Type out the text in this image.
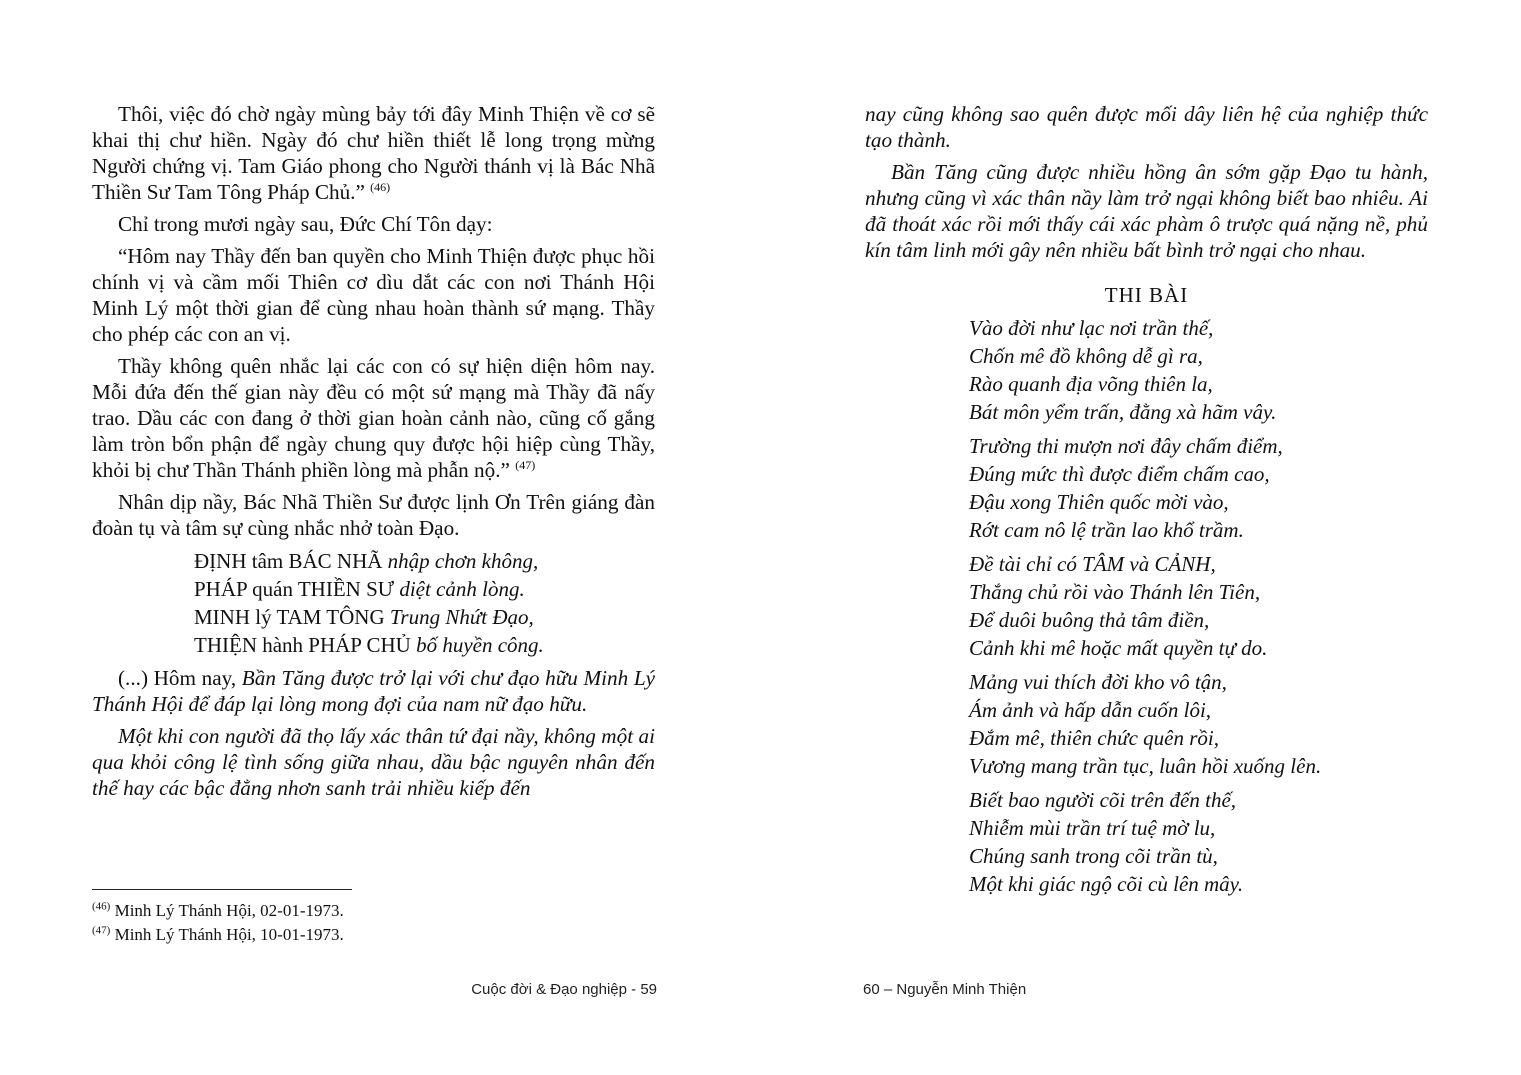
Thôi, việc đó chờ ngày mùng bảy tới đây Minh Thiện về cơ sẽ khai thị chư hiền. Ngày đó chư hiền thiết lễ long trọng mừng Người chứng vị. Tam Giáo phong cho Người thánh vị là Bác Nhã Thiền Sư Tam Tông Pháp Chủ.” $^{(46)}$

Chỉ trong mươi ngày sau, Đức Chí Tôn dạy:

“Hôm nay Thầy đến ban quyền cho Minh Thiện được phục hồi chính vị và cầm mối Thiên cơ dìu dắt các con nơi Thánh Hội Minh Lý một thời gian để cùng nhau hoàn thành sứ mạng. Thầy cho phép các con an vị.

Thầy không quên nhắc lại các con có sự hiện diện hôm nay. Mỗi đứa đến thế gian này đều có một sứ mạng mà Thầy đã nấy trao. Dầu các con đang ở thời gian hoàn cảnh nào, cũng cố gắng làm tròn bổn phận để ngày chung quy được hội hiệp cùng Thầy, khỏi bị chư Thần Thánh phiền lòng mà phẫn nộ.” $^{(47)}$

Nhân dịp nầy, Bác Nhã Thiền Sư được lịnh Ơn Trên giáng đàn đoàn tụ và tâm sự cùng nhắc nhở toàn Đạo.

ĐỊNH tâm BÁC NHÃ nhập chơn không,
PHÁP quán THIỀN SƯ diệt cảnh lòng.
MINH lý TAM TÔNG Trung Nhứt Đạo,
THIỆN hành PHÁP CHỦ bố huyền công.

(...) Hôm nay, Bần Tăng được trở lại với chư đạo hữu Minh Lý Thánh Hội để đáp lại lòng mong đợi của nam nữ đạo hữu.

Một khi con người đã thọ lấy xác thân tứ đại nầy, không một ai qua khỏi công lệ tình sống giữa nhau, dầu bậc nguyên nhân đến thế hay các bậc đẳng nhơn sanh trải nhiều kiếp đến

$^{(46)}$ Minh Lý Thánh Hội, 02-01-1973.
$^{(47)}$ Minh Lý Thánh Hội, 10-01-1973.
Cuộc đời & Đạo nghiệp - 59

nay cũng không sao quên được mối dây liên hệ của nghiệp thức tạo thành.

Bần Tăng cũng được nhiều hồng ân sớm gặp Đạo tu hành, nhưng cũng vì xác thân nầy làm trở ngại không biết bao nhiêu. Ai đã thoát xác rồi mới thấy cái xác phàm ô trược quá nặng nề, phủ kín tâm linh mới gây nên nhiều bất bình trở ngại cho nhau.

THI BÀI
Vào đời như lạc nơi trần thế,
Chốn mê đồ không dễ gì ra,
Rào quanh địa võng thiên la,
Bát môn yểm trấn, đằng xà hãm vây.
Trường thi mượn nơi đây chấm điểm,
Đúng mức thì được điểm chấm cao,
Đậu xong Thiên quốc mời vào,
Rớt cam nô lệ trần lao khổ trầm.
Đề tài chỉ có TÂM và CẢNH,
Thắng chủ rồi vào Thánh lên Tiên,
Để duôi buông thả tâm điền,
Cảnh khi mê hoặc mất quyền tự do.
Mảng vui thích đời kho vô tận,
Ám ảnh và hấp dẫn cuốn lôi,
Đắm mê, thiên chức quên rồi,
Vương mang trần tục, luân hồi xuống lên.
Biết bao người cõi trên đến thế,
Nhiễm mùi trần trí tuệ mờ lu,
Chúng sanh trong cõi trần tù,
Một khi giác ngộ cõi cù lên mây.
60 – Nguyễn Minh Thiện
